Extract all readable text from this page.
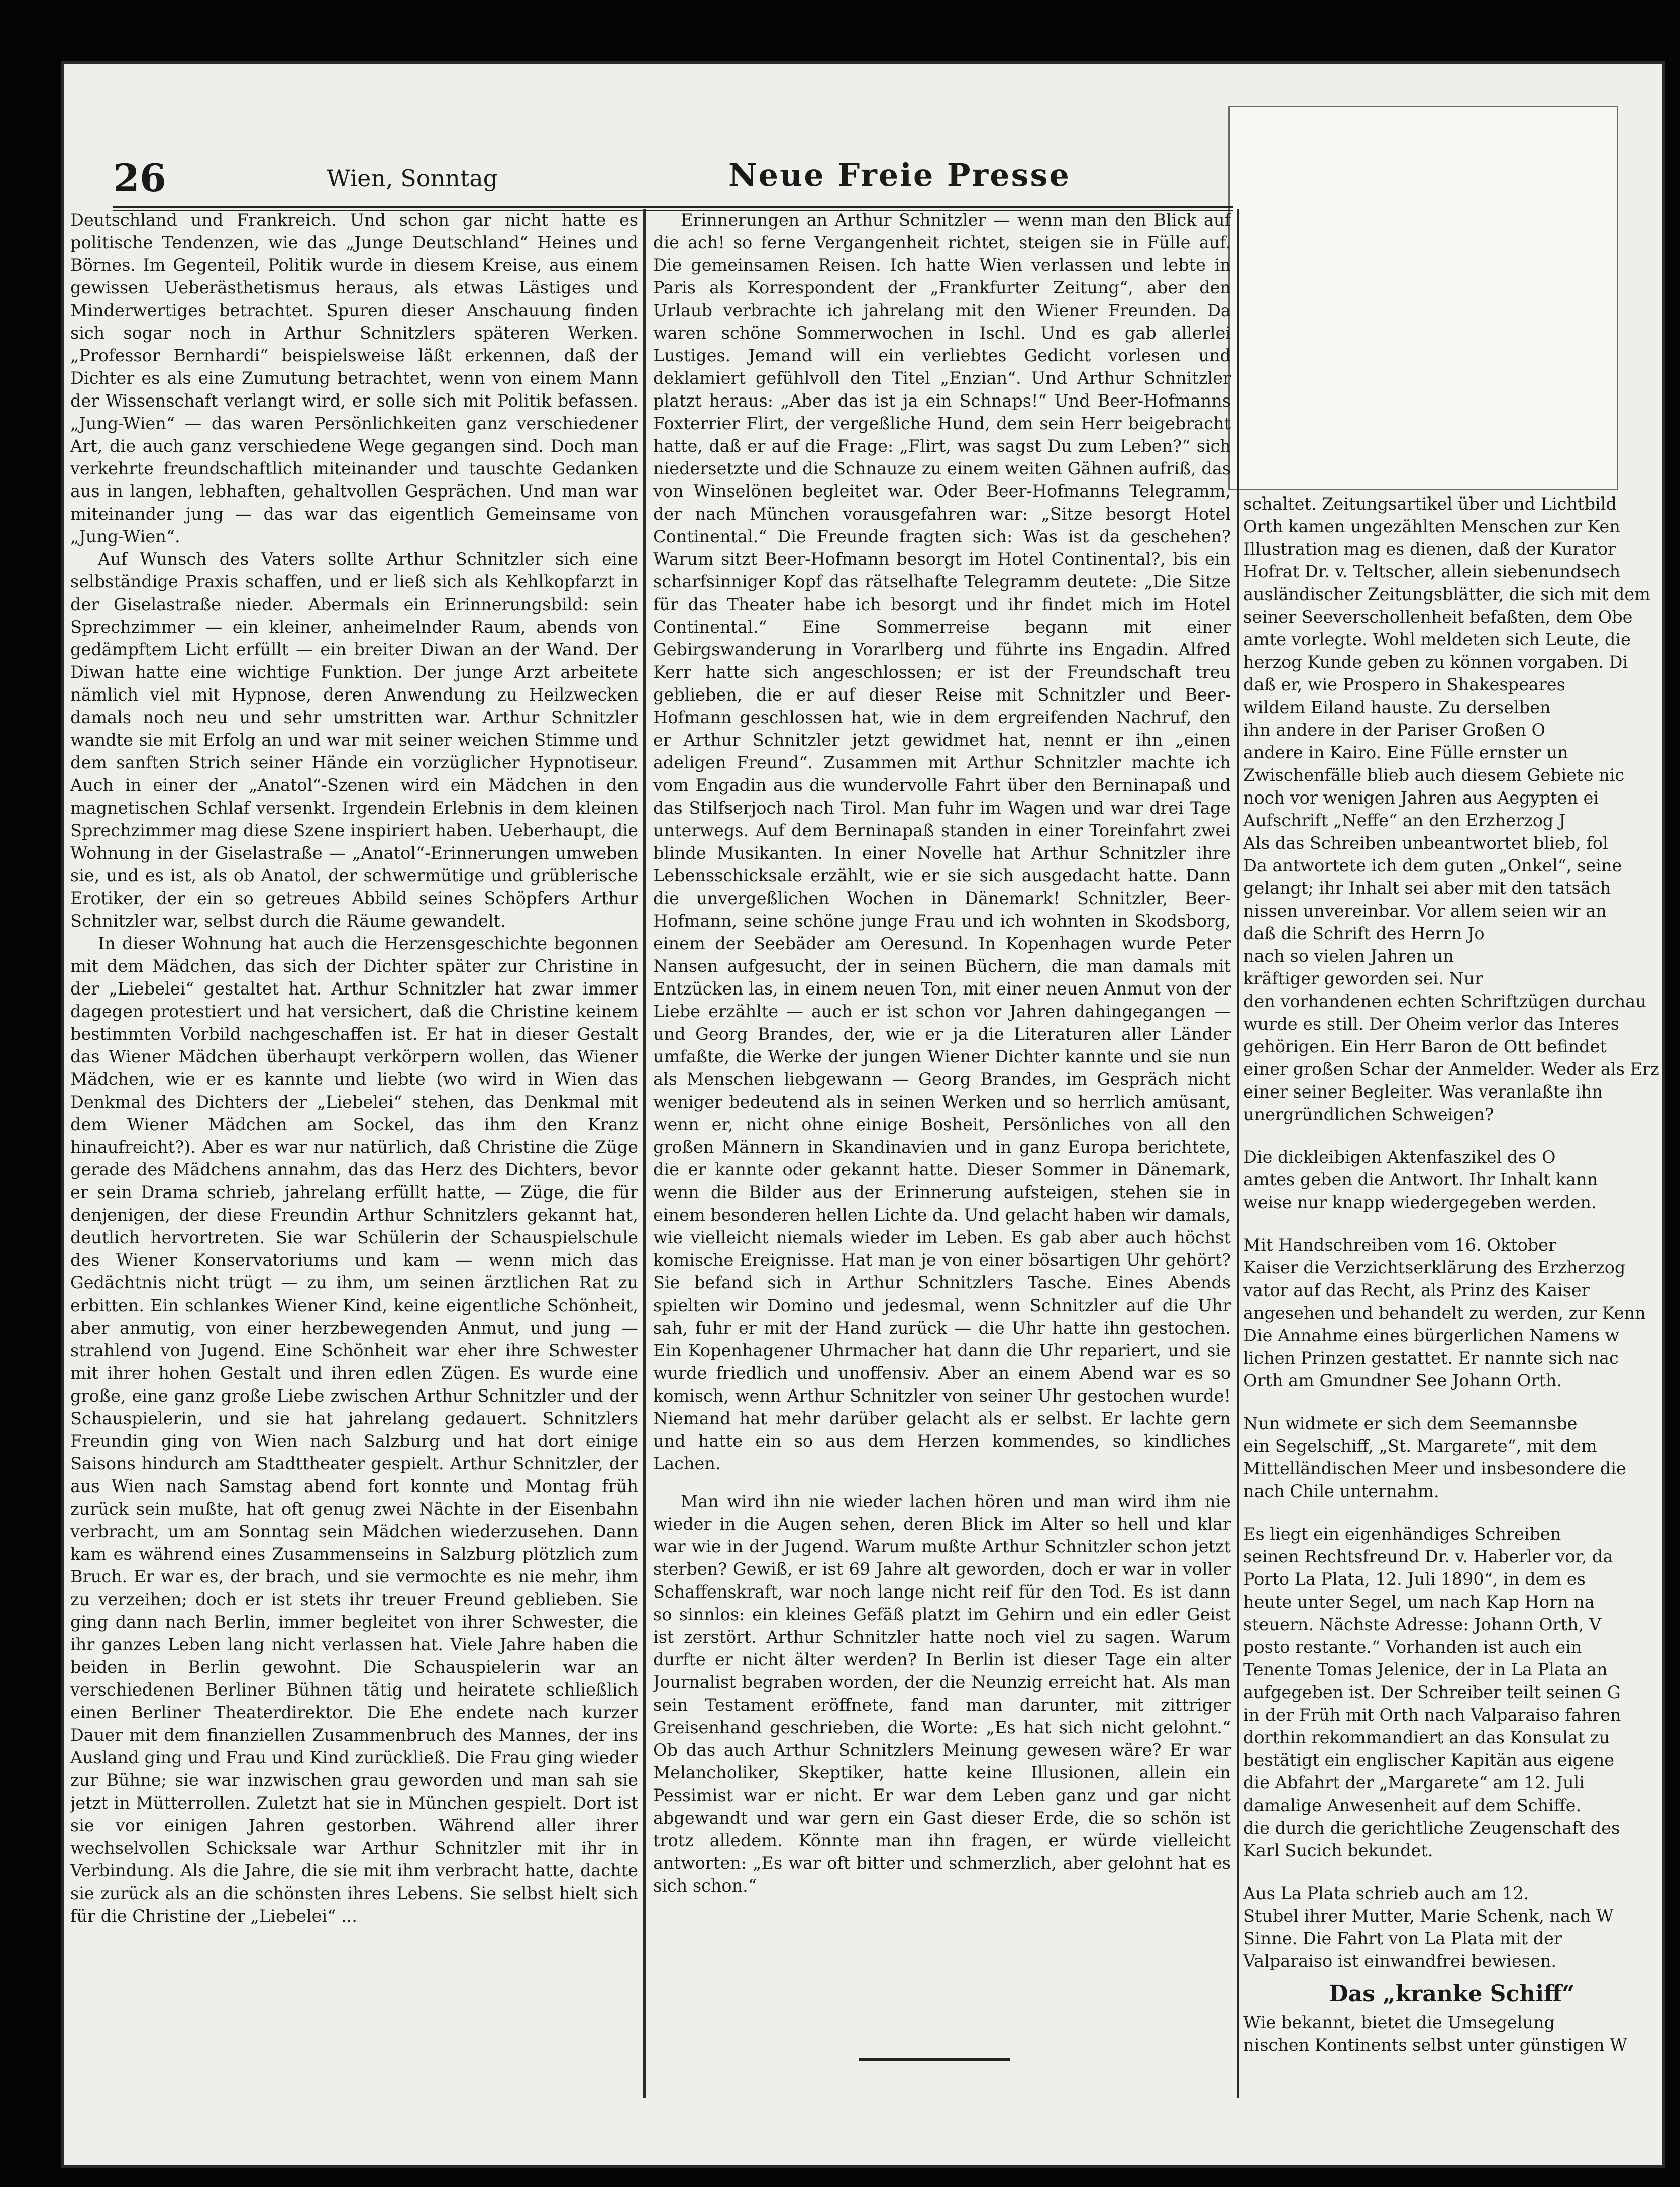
26	Wien, Sonntag	Neue Freie Presse

Deutschland und Frankreich. Und schon gar nicht hatte es politische Tendenzen, wie das „Junge Deutschland“ Heines und Börnes. Im Gegenteil, Politik wurde in diesem Kreise, aus einem gewissen Ueberästhetismus heraus, als etwas Lästiges und Minderwertiges betrachtet. Spuren dieser Anschauung finden sich sogar noch in Arthur Schnitzlers späteren Werken. „Professor Bernhardi“ beispielsweise läßt erkennen, daß der Dichter es als eine Zumutung betrachtet, wenn von einem Mann der Wissenschaft verlangt wird, er solle sich mit Politik befassen. „Jung-Wien“ — das waren Persönlichkeiten ganz verschiedener Art, die auch ganz verschiedene Wege gegangen sind. Doch man verkehrte freundschaftlich miteinander und tauschte Gedanken aus in langen, lebhaften, gehaltvollen Gesprächen. Und man war miteinander jung — das war das eigentlich Gemeinsame von „Jung-Wien“.

Auf Wunsch des Vaters sollte Arthur Schnitzler sich eine selbständige Praxis schaffen, und er ließ sich als Kehlkopfarzt in der Giselastraße nieder. Abermals ein Erinnerungsbild: sein Sprechzimmer — ein kleiner, anheimelnder Raum, abends von gedämpftem Licht erfüllt — ein breiter Diwan an der Wand. Der Diwan hatte eine wichtige Funktion. Der junge Arzt arbeitete nämlich viel mit Hypnose, deren Anwendung zu Heilzwecken damals noch neu und sehr umstritten war. Arthur Schnitzler wandte sie mit Erfolg an und war mit seiner weichen Stimme und dem sanften Strich seiner Hände ein vorzüglicher Hypnotiseur. Auch in einer der „Anatol“-Szenen wird ein Mädchen in den magnetischen Schlaf versenkt. Irgendein Erlebnis in dem kleinen Sprechzimmer mag diese Szene inspiriert haben. Ueberhaupt, die Wohnung in der Giselastraße — „Anatol“-Erinnerungen umweben sie, und es ist, als ob Anatol, der schwermütige und grüblerische Erotiker, der ein so getreues Abbild seines Schöpfers Arthur Schnitzler war, selbst durch die Räume gewandelt.

In dieser Wohnung hat auch die Herzensgeschichte begonnen mit dem Mädchen, das sich der Dichter später zur Christine in der „Liebelei“ gestaltet hat. Arthur Schnitzler hat zwar immer dagegen protestiert und hat versichert, daß die Christine keinem bestimmten Vorbild nachgeschaffen ist. Er hat in dieser Gestalt das Wiener Mädchen überhaupt verkörpern wollen, das Wiener Mädchen, wie er es kannte und liebte (wo wird in Wien das Denkmal des Dichters der „Liebelei“ stehen, das Denkmal mit dem Wiener Mädchen am Sockel, das ihm den Kranz hinaufreicht?). Aber es war nur natürlich, daß Christine die Züge gerade des Mädchens annahm, das das Herz des Dichters, bevor er sein Drama schrieb, jahrelang erfüllt hatte, — Züge, die für denjenigen, der diese Freundin Arthur Schnitzlers gekannt hat, deutlich hervortreten. Sie war Schülerin der Schauspielschule des Wiener Konservatoriums und kam — wenn mich das Gedächtnis nicht trügt — zu ihm, um seinen ärztlichen Rat zu erbitten. Ein schlankes Wiener Kind, keine eigentliche Schönheit, aber anmutig, von einer herzbewegenden Anmut, und jung — strahlend von Jugend. Eine Schönheit war eher ihre Schwester mit ihrer hohen Gestalt und ihren edlen Zügen. Es wurde eine große, eine ganz große Liebe zwischen Arthur Schnitzler und der Schauspielerin, und sie hat jahrelang gedauert. Schnitzlers Freundin ging von Wien nach Salzburg und hat dort einige Saisons hindurch am Stadttheater gespielt. Arthur Schnitzler, der aus Wien nach Samstag abend fort konnte und Montag früh zurück sein mußte, hat oft genug zwei Nächte in der Eisenbahn verbracht, um am Sonntag sein Mädchen wiederzusehen. Dann kam es während eines Zusammenseins in Salzburg plötzlich zum Bruch. Er war es, der brach, und sie vermochte es nie mehr, ihm zu verzeihen; doch er ist stets ihr treuer Freund geblieben. Sie ging dann nach Berlin, immer begleitet von ihrer Schwester, die ihr ganzes Leben lang nicht verlassen hat. Viele Jahre haben die beiden in Berlin gewohnt. Die Schauspielerin war an verschiedenen Berliner Bühnen tätig und heiratete schließlich einen Berliner Theaterdirektor. Die Ehe endete nach kurzer Dauer mit dem finanziellen Zusammenbruch des Mannes, der ins Ausland ging und Frau und Kind zurückließ. Die Frau ging wieder zur Bühne; sie war inzwischen grau geworden und man sah sie jetzt in Mütterrollen. Zuletzt hat sie in München gespielt. Dort ist sie vor einigen Jahren gestorben. Während aller ihrer wechselvollen Schicksale war Arthur Schnitzler mit ihr in Verbindung. Als die Jahre, die sie mit ihm verbracht hatte, dachte sie zurück als an die schönsten ihres Lebens. Sie selbst hielt sich für die Christine der „Liebelei“ ...

Erinnerungen an Arthur Schnitzler — wenn man den Blick auf die ach! so ferne Vergangenheit richtet, steigen sie in Fülle auf. Die gemeinsamen Reisen. Ich hatte Wien verlassen und lebte in Paris als Korrespondent der „Frankfurter Zeitung“, aber den Urlaub verbrachte ich jahrelang mit den Wiener Freunden. Da waren schöne Sommerwochen in Ischl. Und es gab allerlei Lustiges. Jemand will ein verliebtes Gedicht vorlesen und deklamiert gefühlvoll den Titel „Enzian“. Und Arthur Schnitzler platzt heraus: „Aber das ist ja ein Schnaps!“ Und Beer-Hofmanns Foxterrier Flirt, der vergeßliche Hund, dem sein Herr beigebracht hatte, daß er auf die Frage: „Flirt, was sagst Du zum Leben?“ sich niedersetzte und die Schnauze zu einem weiten Gähnen aufriß, das von Winselönen begleitet war. Oder Beer-Hofmanns Telegramm, der nach München vorausgefahren war: „Sitze besorgt Hotel Continental.“ Die Freunde fragten sich: Was ist da geschehen? Warum sitzt Beer-Hofmann besorgt im Hotel Continental?, bis ein scharfsinniger Kopf das rätselhafte Telegramm deutete: „Die Sitze für das Theater habe ich besorgt und ihr findet mich im Hotel Continental.“ Eine Sommerreise begann mit einer Gebirgswanderung in Vorarlberg und führte ins Engadin. Alfred Kerr hatte sich angeschlossen; er ist der Freundschaft treu geblieben, die er auf dieser Reise mit Schnitzler und Beer-Hofmann geschlossen hat, wie in dem ergreifenden Nachruf, den er Arthur Schnitzler jetzt gewidmet hat, nennt er ihn „einen adeligen Freund“. Zusammen mit Arthur Schnitzler machte ich vom Engadin aus die wundervolle Fahrt über den Berninapaß und das Stilfserjoch nach Tirol. Man fuhr im Wagen und war drei Tage unterwegs. Auf dem Berninapaß standen in einer Toreinfahrt zwei blinde Musikanten. In einer Novelle hat Arthur Schnitzler ihre Lebensschicksale erzählt, wie er sie sich ausgedacht hatte. Dann die unvergeßlichen Wochen in Dänemark! Schnitzler, Beer-Hofmann, seine schöne junge Frau und ich wohnten in Skodsborg, einem der Seebäder am Oeresund. In Kopenhagen wurde Peter Nansen aufgesucht, der in seinen Büchern, die man damals mit Entzücken las, in einem neuen Ton, mit einer neuen Anmut von der Liebe erzählte — auch er ist schon vor Jahren dahingegangen — und Georg Brandes, der, wie er ja die Literaturen aller Länder umfaßte, die Werke der jungen Wiener Dichter kannte und sie nun als Menschen liebgewann — Georg Brandes, im Gespräch nicht weniger bedeutend als in seinen Werken und so herrlich amüsant, wenn er, nicht ohne einige Bosheit, Persönliches von all den großen Männern in Skandinavien und in ganz Europa berichtete, die er kannte oder gekannt hatte. Dieser Sommer in Dänemark, wenn die Bilder aus der Erinnerung aufsteigen, stehen sie in einem besonderen hellen Lichte da. Und gelacht haben wir damals, wie vielleicht niemals wieder im Leben. Es gab aber auch höchst komische Ereignisse. Hat man je von einer bösartigen Uhr gehört? Sie befand sich in Arthur Schnitzlers Tasche. Eines Abends spielten wir Domino und jedesmal, wenn Schnitzler auf die Uhr sah, fuhr er mit der Hand zurück — die Uhr hatte ihn gestochen. Ein Kopenhagener Uhrmacher hat dann die Uhr repariert, und sie wurde friedlich und unoffensiv. Aber an einem Abend war es so komisch, wenn Arthur Schnitzler von seiner Uhr gestochen wurde! Niemand hat mehr darüber gelacht als er selbst. Er lachte gern und hatte ein so aus dem Herzen kommendes, so kindliches Lachen.

Man wird ihn nie wieder lachen hören und man wird ihm nie wieder in die Augen sehen, deren Blick im Alter so hell und klar war wie in der Jugend. Warum mußte Arthur Schnitzler schon jetzt sterben? Gewiß, er ist 69 Jahre alt geworden, doch er war in voller Schaffenskraft, war noch lange nicht reif für den Tod. Es ist dann so sinnlos: ein kleines Gefäß platzt im Gehirn und ein edler Geist ist zerstört. Arthur Schnitzler hatte noch viel zu sagen. Warum durfte er nicht älter werden? In Berlin ist dieser Tage ein alter Journalist begraben worden, der die Neunzig erreicht hat. Als man sein Testament eröffnete, fand man darunter, mit zittriger Greisenhand geschrieben, die Worte: „Es hat sich nicht gelohnt.“ Ob das auch Arthur Schnitzlers Meinung gewesen wäre? Er war Melancholiker, Skeptiker, hatte keine Illusionen, allein ein Pessimist war er nicht. Er war dem Leben ganz und gar nicht abgewandt und war gern ein Gast dieser Erde, die so schön ist trotz alledem. Könnte man ihn fragen, er würde vielleicht antworten: „Es war oft bitter und schmerzlich, aber gelohnt hat es sich schon.“

schaltet. Zeitungsartikel über und Lichtbild
Orth kamen ungezählten Menschen zur Ken
Illustration mag es dienen, daß der Kurator
Hofrat Dr. v. Teltscher, allein siebenundsech
ausländischer Zeitungsblätter, die sich mit dem
seiner Seeverschollenheit befaßten, dem Obe
amte vorlegte. Wohl meldeten sich Leute, die
herzog Kunde geben zu können vorgaben. Di
daß er, wie Prospero in Shakespeares
wildem Eiland hauste. Zu derselben
ihn andere in der Pariser Großen O
andere in Kairo. Eine Fülle ernster un
Zwischenfälle blieb auch diesem Gebiete nic
noch vor wenigen Jahren aus Aegypten ei
Aufschrift „Neffe“ an den Erzherzog J
Als das Schreiben unbeantwortet blieb, fol
Da antwortete ich dem guten „Onkel“, seine
gelangt; ihr Inhalt sei aber mit den tatsäch
nissen unvereinbar. Vor allem seien wir an
daß die Schrift des Herrn Jo
nach so vielen Jahren un
kräftiger geworden sei. Nur
den vorhandenen echten Schriftzügen durchau
wurde es still. Der Oheim verlor das Interes
gehörigen. Ein Herr Baron de Ott befindet
einer großen Schar der Anmelder. Weder als Erz
einer seiner Begleiter. Was veranlaßte ihn
unergründlichen Schweigen?
Die dickleibigen Aktenfaszikel des O
amtes geben die Antwort. Ihr Inhalt kann
weise nur knapp wiedergegeben werden.
Mit Handschreiben vom 16. Oktober
Kaiser die Verzichtserklärung des Erzherzog
vator auf das Recht, als Prinz des Kaiser
angesehen und behandelt zu werden, zur Kenn
Die Annahme eines bürgerlichen Namens w
lichen Prinzen gestattet. Er nannte sich nac
Orth am Gmundner See Johann Orth.
Nun widmete er sich dem Seemannsbe
ein Segelschiff, „St. Margarete“, mit dem
Mittelländischen Meer und insbesondere die
nach Chile unternahm.
Es liegt ein eigenhändiges Schreiben
seinen Rechtsfreund Dr. v. Haberler vor, da
Porto La Plata, 12. Juli 1890“, in dem es
heute unter Segel, um nach Kap Horn na
steuern. Nächste Adresse: Johann Orth, V
posto restante.“ Vorhanden ist auch ein
Tenente Tomas Jelenice, der in La Plata an
aufgegeben ist. Der Schreiber teilt seinen G
in der Früh mit Orth nach Valparaiso fahren
dorthin rekommandiert an das Konsulat zu
bestätigt ein englischer Kapitän aus eigene
die Abfahrt der „Margarete“ am 12. Juli
damalige Anwesenheit auf dem Schiffe.
die durch die gerichtliche Zeugenschaft des
Karl Sucich bekundet.
Aus La Plata schrieb auch am 12.
Stubel ihrer Mutter, Marie Schenk, nach W
Sinne. Die Fahrt von La Plata mit der
Valparaiso ist einwandfrei bewiesen.
Das „kranke Schiff“
Wie bekannt, bietet die Umsegelung
nischen Kontinents selbst unter günstigen W
